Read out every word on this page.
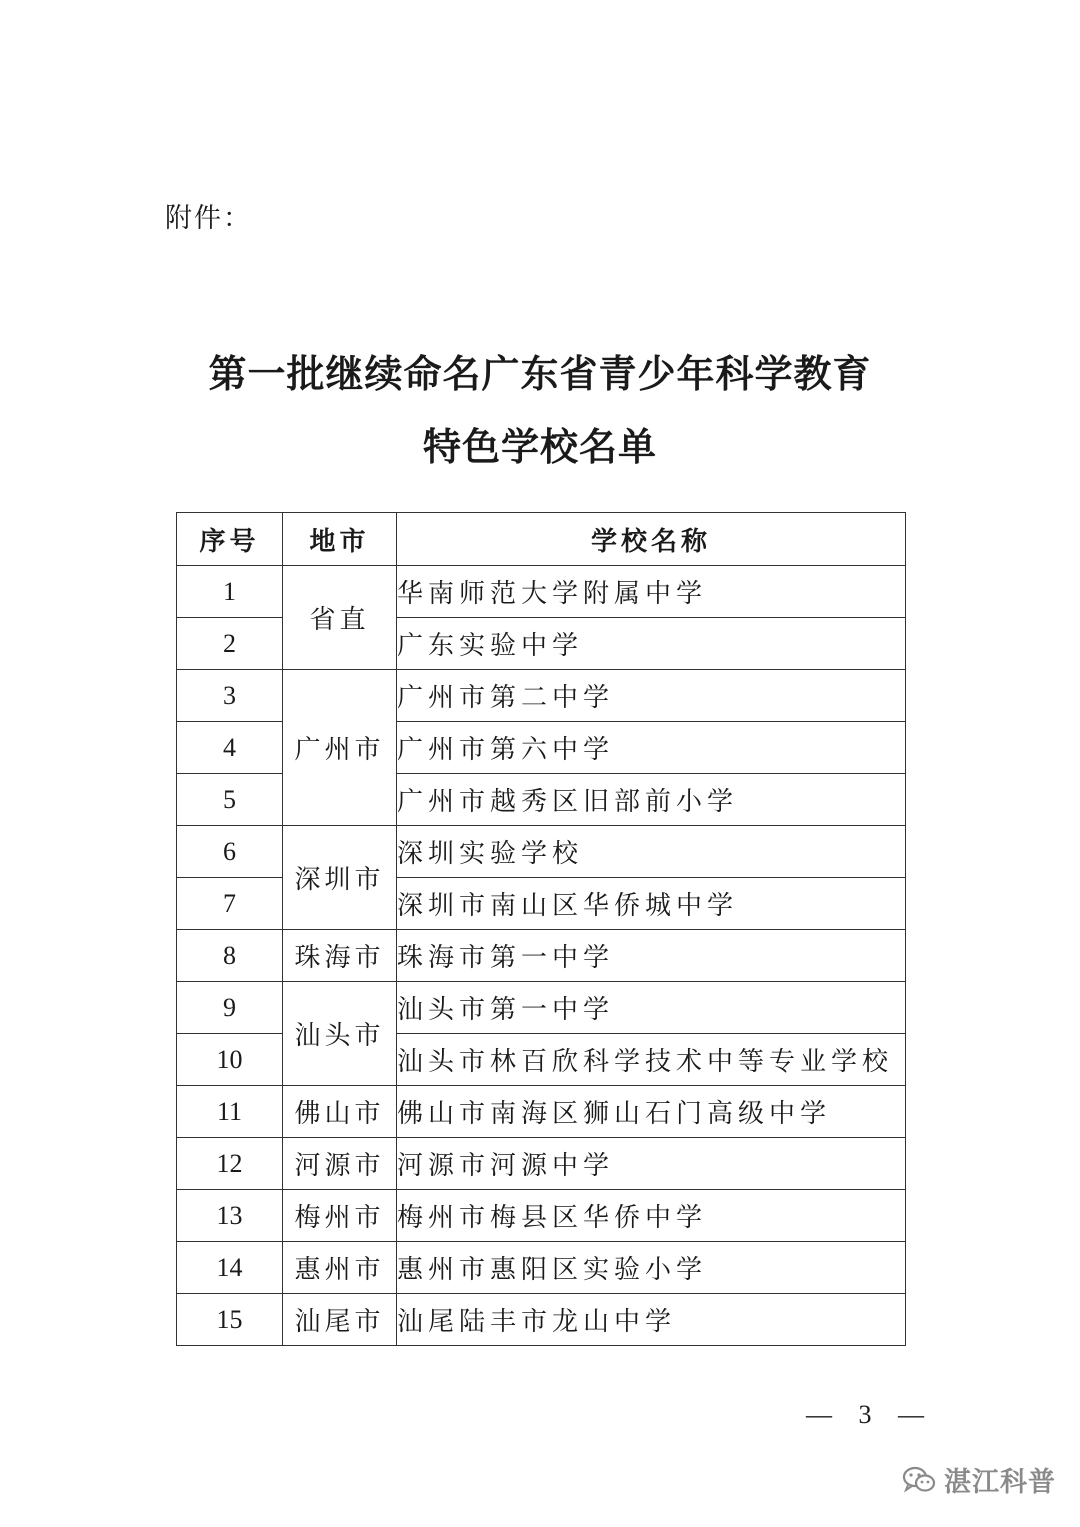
附件：
第一批继续命名广东省青少年科学教育
特色学校名单
序号	地市	学校名称
1	省直	华南师范大学附属中学
2		广东实验中学
3	广州市	广州市第二中学
4		广州市第六中学
5		广州市越秀区旧部前小学
6	深圳市	深圳实验学校
7		深圳市南山区华侨城中学
8	珠海市	珠海市第一中学
9	汕头市	汕头市第一中学
10		汕头市林百欣科学技术中等专业学校
11	佛山市	佛山市南海区狮山石门高级中学
12	河源市	河源市河源中学
13	梅州市	梅州市梅县区华侨中学
14	惠州市	惠州市惠阳区实验小学
15	汕尾市	汕尾陆丰市龙山中学
— 3 —
湛江科普
